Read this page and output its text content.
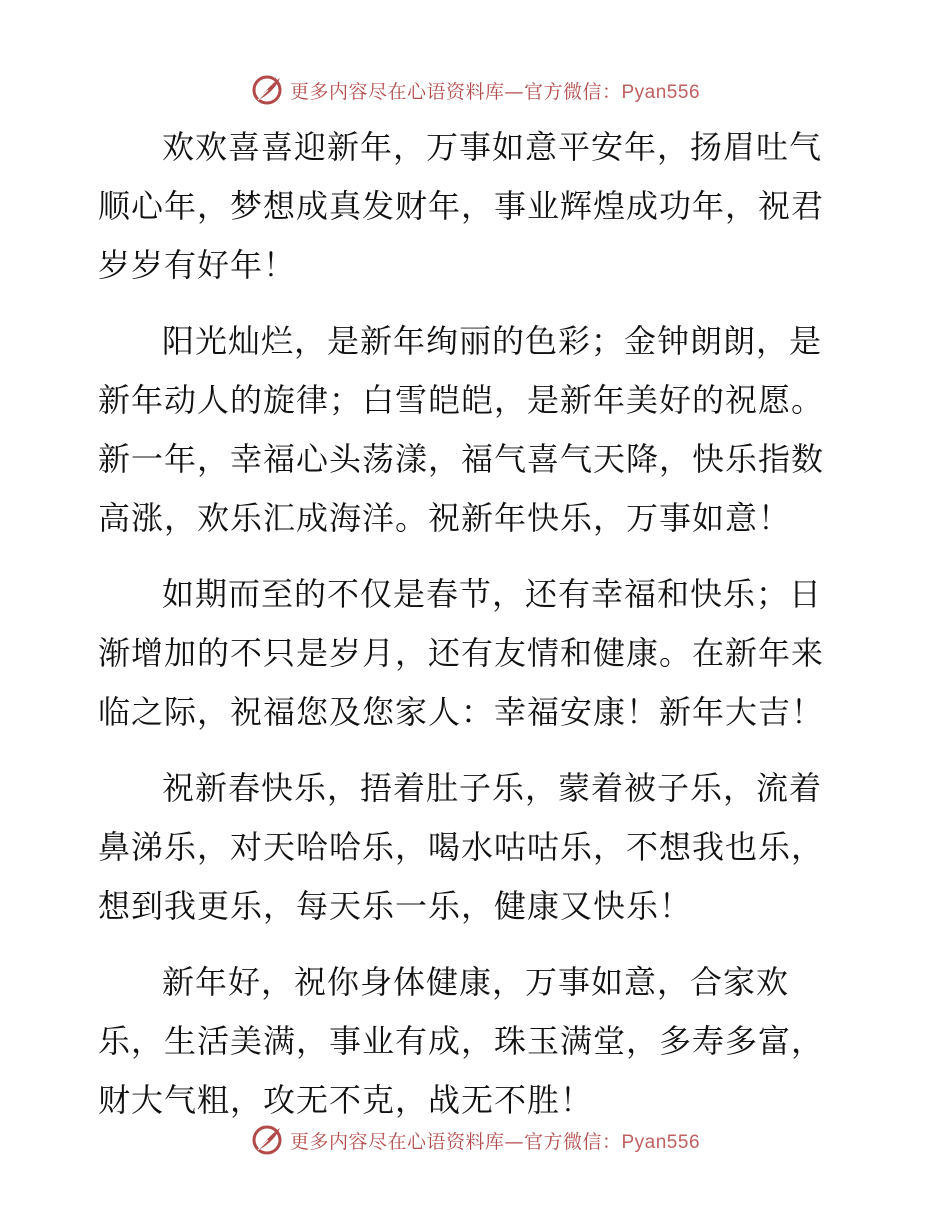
更多内容尽在心语资料库—官方微信：Pyan556

欢欢喜喜迎新年，万事如意平安年，扬眉吐气
顺心年，梦想成真发财年，事业辉煌成功年，祝君
岁岁有好年！

阳光灿烂，是新年绚丽的色彩；金钟朗朗，是
新年动人的旋律；白雪皑皑，是新年美好的祝愿。
新一年，幸福心头荡漾，福气喜气天降，快乐指数
高涨，欢乐汇成海洋。祝新年快乐，万事如意！

如期而至的不仅是春节，还有幸福和快乐；日
渐增加的不只是岁月，还有友情和健康。在新年来
临之际，祝福您及您家人：幸福安康！新年大吉！

祝新春快乐，捂着肚子乐，蒙着被子乐，流着
鼻涕乐，对天哈哈乐，喝水咕咕乐，不想我也乐，
想到我更乐，每天乐一乐，健康又快乐！

新年好，祝你身体健康，万事如意，合家欢
乐，生活美满，事业有成，珠玉满堂，多寿多富，
财大气粗，攻无不克，战无不胜！

更多内容尽在心语资料库—官方微信：Pyan556
